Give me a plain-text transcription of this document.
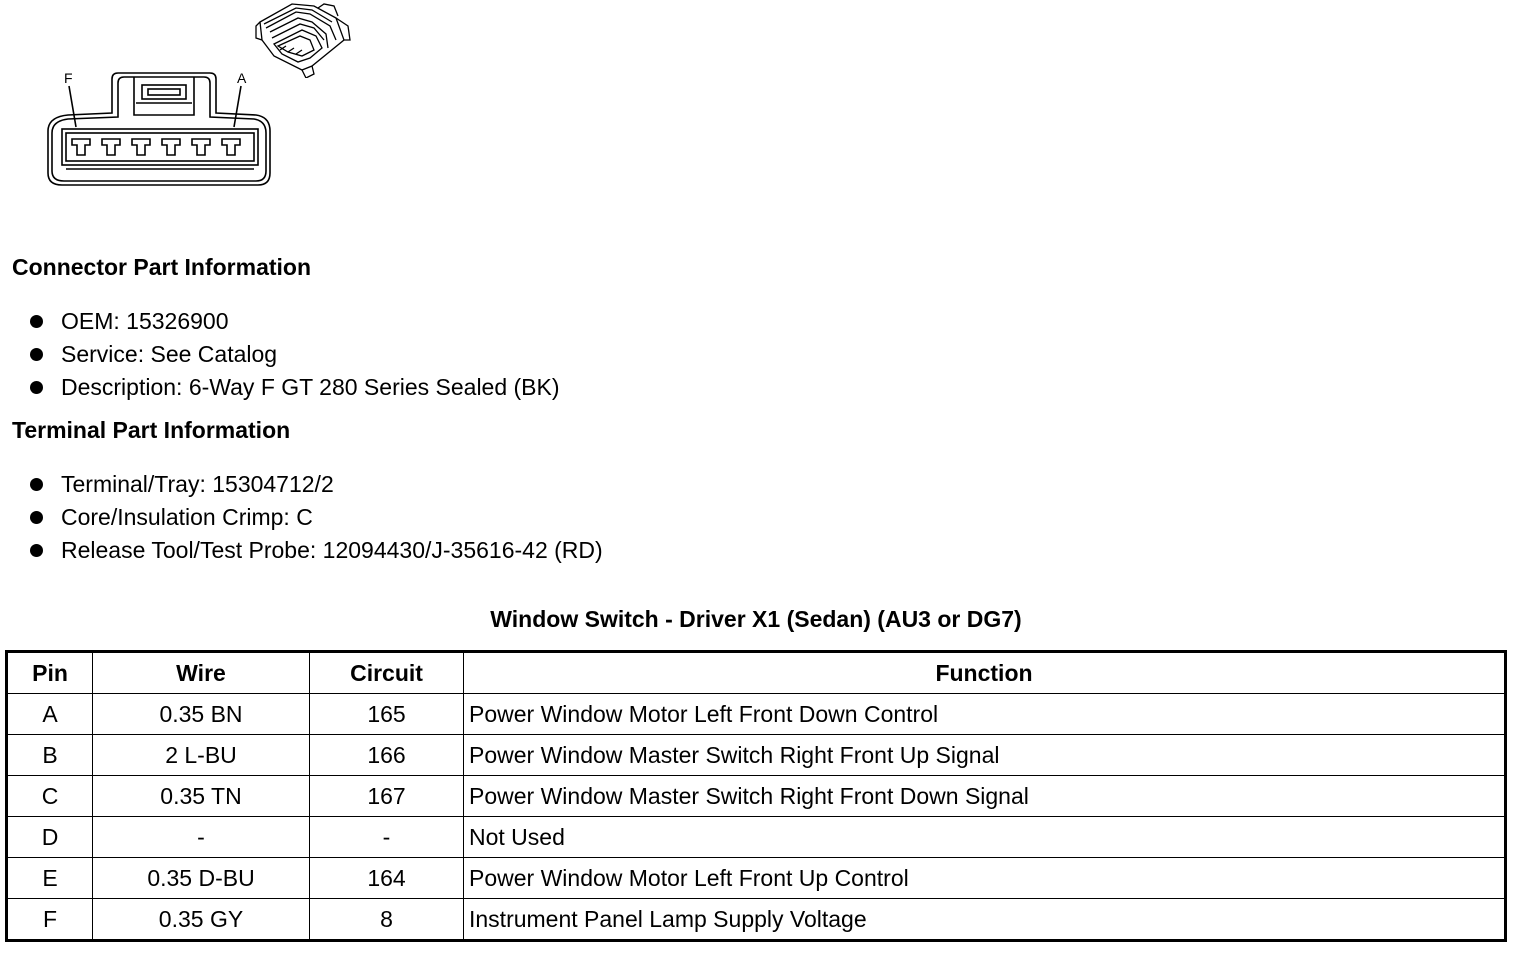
F	A
Connector Part Information
OEM: 15326900
Service: See Catalog
Description: 6-Way F GT 280 Series Sealed (BK)
Terminal Part Information
Terminal/Tray: 15304712/2
Core/Insulation Crimp: C
Release Tool/Test Probe: 12094430/J-35616-42 (RD)
Window Switch - Driver X1 (Sedan) (AU3 or DG7)
Pin	Wire	Circuit	Function
A	0.35 BN	165	Power Window Motor Left Front Down Control
B	2 L-BU	166	Power Window Master Switch Right Front Up Signal
C	0.35 TN	167	Power Window Master Switch Right Front Down Signal
D	-	-	Not Used
E	0.35 D-BU	164	Power Window Motor Left Front Up Control
F	0.35 GY	8	Instrument Panel Lamp Supply Voltage
